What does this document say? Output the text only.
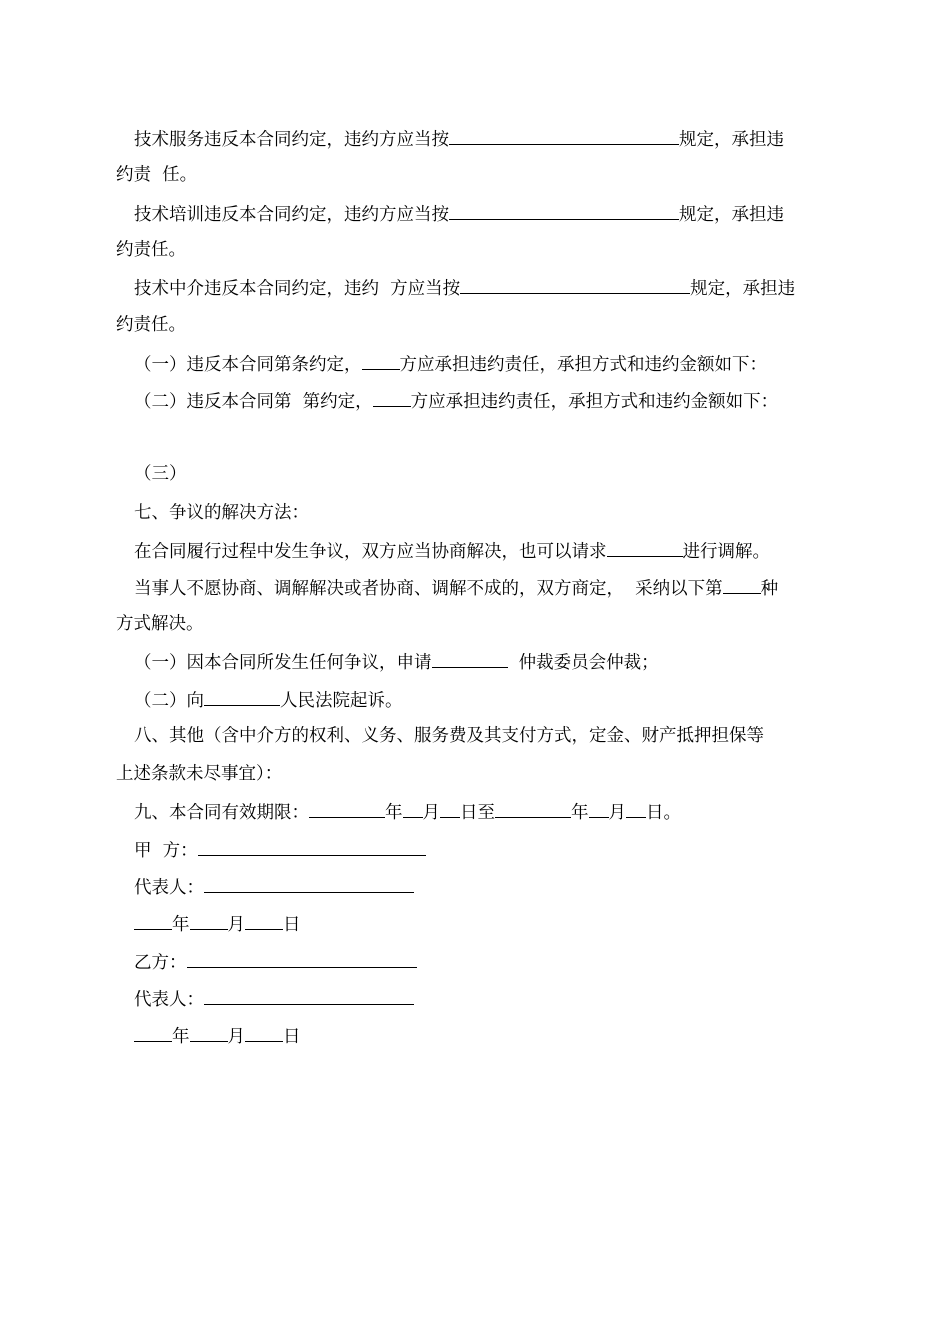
技术服务违反本合同约定，违约方应当按	规定，承担违
约责  任。
技术培训违反本合同约定，违约方应当按	规定，承担违
约责任。
技术中介违反本合同约定，违约  方应当按	规定，承担违
约责任。
（一）违反本合同第条约定， 方应承担违约责任，承担方式和违约金额如下：
（二）违反本合同第  第约定， 方应承担违约责任，承担方式和违约金额如下：
（三）
七、争议的解决方法：
在合同履行过程中发生争议，双方应当协商解决，也可以请求	进行调解。
当事人不愿协商、调解解决或者协商、调解不成的，双方商定，  采纳以下第 种
方式解决。
（一）因本合同所发生任何争议，申请	仲裁委员会仲裁；
（二）向	人民法院起诉。
八、其他（含中介方的权利、义务、服务费及其支付方式，定金、财产抵押担保等
上述条款未尽事宜）：
九、本合同有效期限：	年 月 日至	年 月 日。
甲  方：
代表人：
年 月 日
乙方：
代表人：
年 月 日
